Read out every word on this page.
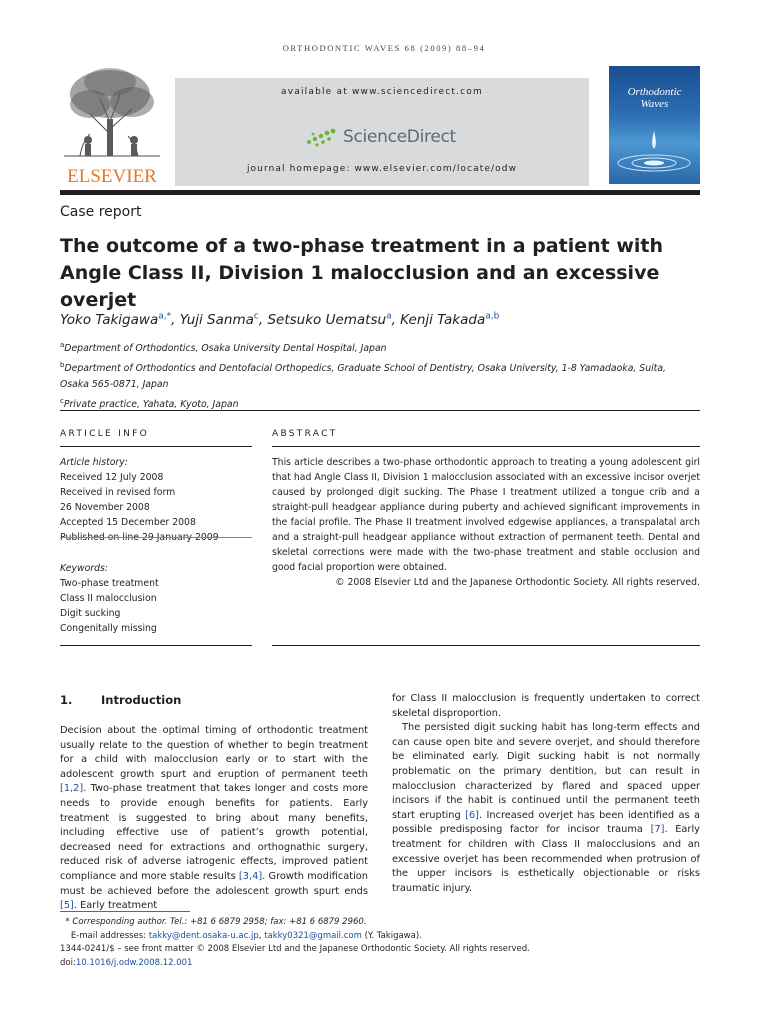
ORTHODONTIC WAVES 68 (2009) 88–94
ELSEVIER
available at www.sciencedirect.com
ScienceDirect
journal homepage: www.elsevier.com/locate/odw
Orthodontic
Waves
Case report
The outcome of a two-phase treatment in a patient with Angle Class II, Division 1 malocclusion and an excessive overjet
Yoko Takigawa$^{a,*}$, Yuji Sanma$^c$, Setsuko Uematsu$^a$, Kenji Takada$^{a,b}$
$^a$Department of Orthodontics, Osaka University Dental Hospital, Japan
$^b$Department of Orthodontics and Dentofacial Orthopedics, Graduate School of Dentistry, Osaka University, 1-8 Yamadaoka, Suita,
Osaka 565-0871, Japan
$^c$Private practice, Yahata, Kyoto, Japan
ARTICLE INFO	ABSTRACT
Article history:
Received 12 July 2008
Received in revised form
26 November 2008
Accepted 15 December 2008
Keywords:
Two-phase treatment
Class II malocclusion
Digit sucking
Congenitally missing
This article describes a two-phase orthodontic approach to treating a young adolescent girl that had Angle Class II, Division 1 malocclusion associated with an excessive incisor overjet caused by prolonged digit sucking. The Phase I treatment utilized a tongue crib and a straight-pull headgear appliance during puberty and achieved significant improvements in the facial profile. The Phase II treatment involved edgewise appliances, a transpalatal arch and a straight-pull headgear appliance without extraction of permanent teeth. Dental and skeletal corrections were made with the two-phase treatment and stable occlusion and good facial proportion were obtained.
© 2008 Elsevier Ltd and the Japanese Orthodontic Society. All rights reserved.
1. Introduction

Decision about the optimal timing of orthodontic treatment usually relate to the question of whether to begin treatment for a child with malocclusion early or to start with the adolescent growth spurt and eruption of permanent teeth [1,2]. Two-phase treatment that takes longer and costs more needs to provide enough benefits for patients. Early treatment is suggested to bring about many benefits, including effective use of patient’s growth potential, decreased need for extractions and orthognathic surgery, reduced risk of adverse iatrogenic effects, improved patient compliance and more stable results [3,4]. Growth modification must be achieved before the adolescent growth spurt ends [5]. Early treatment

for Class II malocclusion is frequently undertaken to correct skeletal disproportion.

The persisted digit sucking habit has long-term effects and can cause open bite and severe overjet, and should therefore be eliminated early. Digit sucking habit is not normally problematic on the primary dentition, but can result in malocclusion characterized by flared and spaced upper incisors if the habit is continued until the permanent teeth start erupting [6]. Increased overjet has been identified as a possible predisposing factor for incisor trauma [7]. Early treatment for children with Class II malocclusions and an excessive overjet has been recommended when protrusion of the upper incisors is esthetically objectionable or risks traumatic injury.

* Corresponding author. Tel.: +81 6 6879 2958; fax: +81 6 6879 2960.
E-mail addresses: takky@dent.osaka-u.ac.jp, takky0321@gmail.com (Y. Takigawa).
1344-0241/$ – see front matter © 2008 Elsevier Ltd and the Japanese Orthodontic Society. All rights reserved.
doi:10.1016/j.odw.2008.12.001
